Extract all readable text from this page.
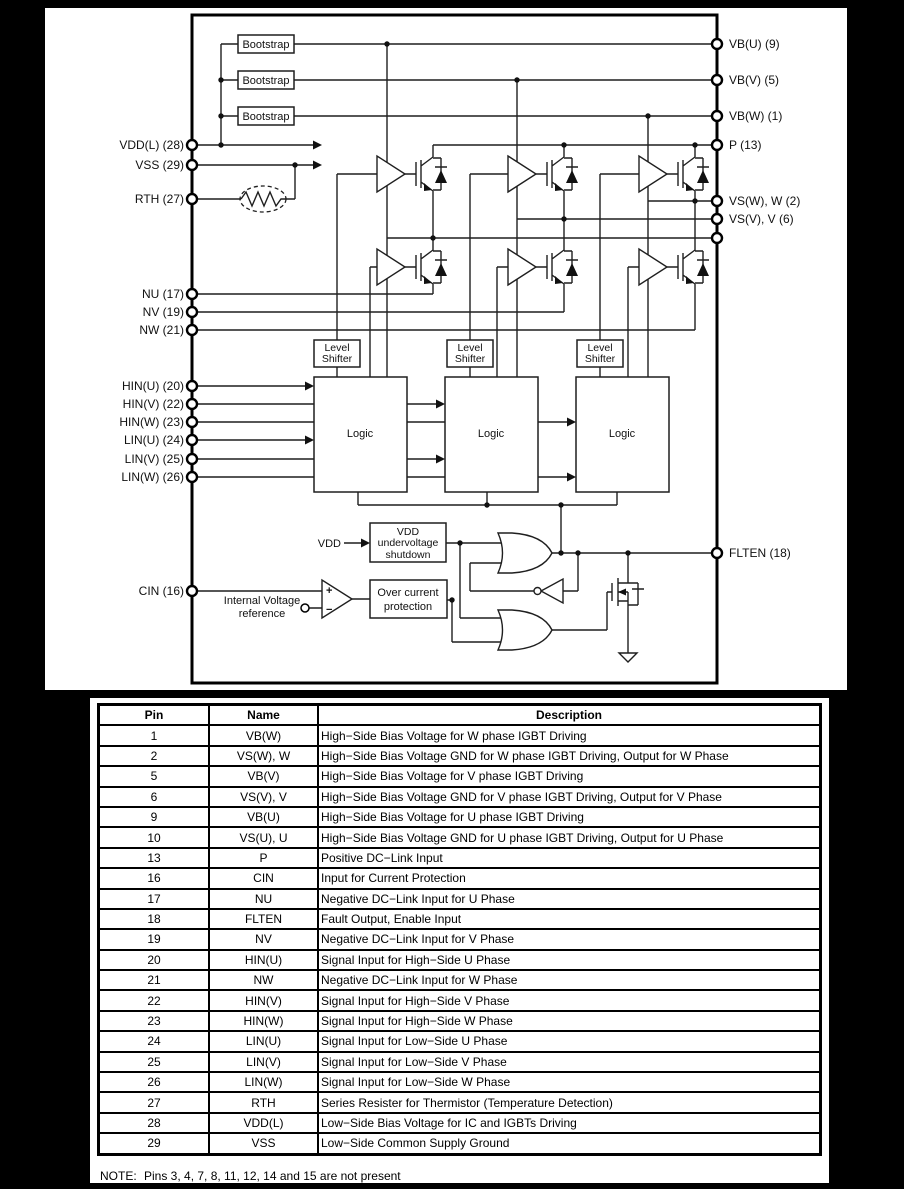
Bootstrap
Bootstrap
Bootstrap
Level
Shifter
Level
Shifter
Level
Shifter
Logic	Logic	Logic
VDD
undervoltage
shutdown
Over current
protection
+
−
VDD(L) (28)
VSS (29)
RTH (27)
NU (17)
NV (19)
NW (21)
HIN(U) (20)
HIN(V) (22)
HIN(W) (23)
LIN(U) (24)
LIN(V) (25)
LIN(W) (26)
CIN (16)
VB(U) (9)
VB(V) (5)
VB(W) (1)
P (13)
VS(W), W (2)
VS(V), V (6)
FLTEN (18)
VDD
Internal Voltage
reference
Pin	Name	Description
1	VB(W)	High−Side Bias Voltage for W phase IGBT Driving
2	VS(W), W	High−Side Bias Voltage GND for W phase IGBT Driving, Output for W Phase
5	VB(V)	High−Side Bias Voltage for V phase IGBT Driving
6	VS(V), V	High−Side Bias Voltage GND for V phase IGBT Driving, Output for V Phase
9	VB(U)	High−Side Bias Voltage for U phase IGBT Driving
10	VS(U), U	High−Side Bias Voltage GND for U phase IGBT Driving, Output for U Phase
13	P	Positive DC−Link Input
16	CIN	Input for Current Protection
17	NU	Negative DC−Link Input for U Phase
18	FLTEN	Fault Output, Enable Input
19	NV	Negative DC−Link Input for V Phase
20	HIN(U)	Signal Input for High−Side U Phase
21	NW	Negative DC−Link Input for W Phase
22	HIN(V)	Signal Input for High−Side V Phase
23	HIN(W)	Signal Input for High−Side W Phase
24	LIN(U)	Signal Input for Low−Side U Phase
25	LIN(V)	Signal Input for Low−Side V Phase
26	LIN(W)	Signal Input for Low−Side W Phase
27	RTH	Series Resister for Thermistor (Temperature Detection)
28	VDD(L)	Low−Side Bias Voltage for IC and IGBTs Driving
29	VSS	Low−Side Common Supply Ground
NOTE: Pins 3, 4, 7, 8, 11, 12, 14 and 15 are not present
